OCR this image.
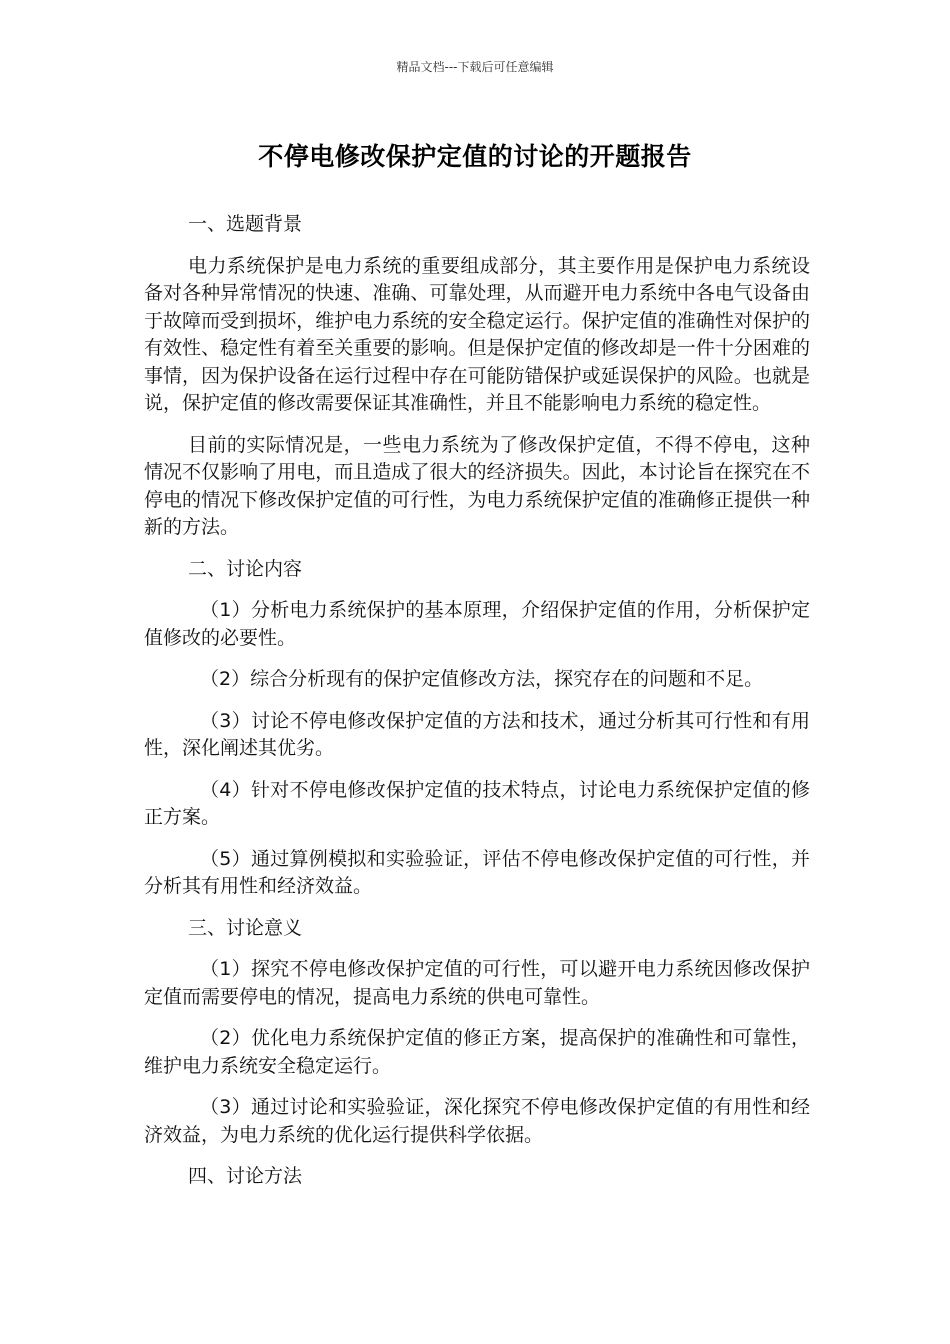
精品文档---下载后可任意编辑
不停电修改保护定值的讨论的开题报告
一、选题背景
电力系统保护是电力系统的重要组成部分，其主要作用是保护电力系统设备对各种异常情况的快速、准确、可靠处理，从而避开电力系统中各电气设备由于故障而受到损坏，维护电力系统的安全稳定运行。保护定值的准确性对保护的有效性、稳定性有着至关重要的影响。但是保护定值的修改却是一件十分困难的事情，因为保护设备在运行过程中存在可能防错保护或延误保护的风险。也就是说，保护定值的修改需要保证其准确性，并且不能影响电力系统的稳定性。
目前的实际情况是，一些电力系统为了修改保护定值，不得不停电，这种情况不仅影响了用电，而且造成了很大的经济损失。因此，本讨论旨在探究在不停电的情况下修改保护定值的可行性，为电力系统保护定值的准确修正提供一种新的方法。
二、讨论内容
（1）分析电力系统保护的基本原理，介绍保护定值的作用，分析保护定值修改的必要性。
（2）综合分析现有的保护定值修改方法，探究存在的问题和不足。
（3）讨论不停电修改保护定值的方法和技术，通过分析其可行性和有用性，深化阐述其优劣。
（4）针对不停电修改保护定值的技术特点，讨论电力系统保护定值的修正方案。
（5）通过算例模拟和实验验证，评估不停电修改保护定值的可行性，并分析其有用性和经济效益。
三、讨论意义
（1）探究不停电修改保护定值的可行性，可以避开电力系统因修改保护定值而需要停电的情况，提高电力系统的供电可靠性。
（2）优化电力系统保护定值的修正方案，提高保护的准确性和可靠性，维护电力系统安全稳定运行。
（3）通过讨论和实验验证，深化探究不停电修改保护定值的有用性和经济效益，为电力系统的优化运行提供科学依据。
四、讨论方法
